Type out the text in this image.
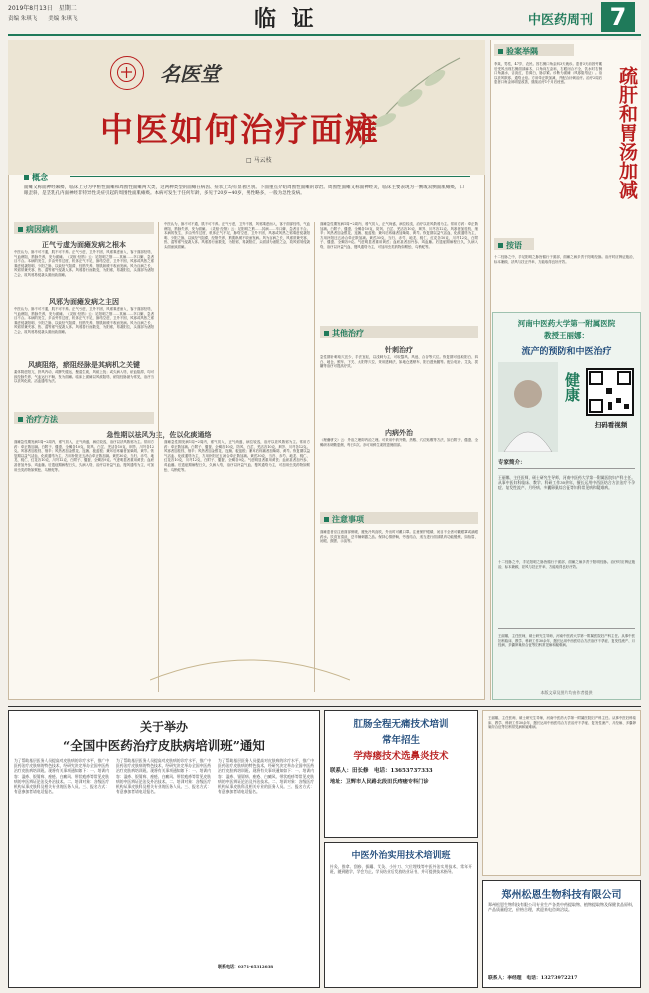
2019年8月13日　星期二
责编 朱琪飞　　美编 朱琪飞	临 证	中医药周刊 7
名医堂
中医如何治疗面瘫
□ 马云枝
概念
面瘫又称面神经麻痹，临床上分为中枢性面瘫和周围性面瘫两大类，这两种类型的面瘫在病因、症状上均有显著区别。下面重点介绍周围性面瘫的诊治。周围性面瘫又称面神经炎，临床主要表现为一侧或双侧面肌瘫痪，口眼歪斜，是茎乳孔内面神经非特异性炎症引起的周围性面肌瘫痪。本病可发生于任何年龄，多见于20岁~40岁，男性略多，一般为急性发病。
病因病机
正气亏虚为面瘫发病之根本
中医认为，脉不可不通，肌不可不养。正气亏虚，卫外不固，风邪乘虚而入，客于面部经络，气血痹阻，筋脉失养，发为面瘫。《灵枢·经筋》云：足阳明之筋……其病……卒口僻，急者目不合。本病的发生，多由劳作过度，机体正气不足，脉络空虚，卫外不固，风寒或风热之邪乘虚侵袭阳明、少阳之脉，以致经气阻滞，经筋失养，筋肌纵缓不收而发病。风为百病之长，风邪常兼夹寒、热、湿等邪气侵袭人体。风邪善行而数变，为阳邪，易袭阳位，头面部为诸阳之会，故风邪易侵袭头面而致面瘫。
风邪为面瘫发病之主因
中医认为，脉不可不通，肌不可不养。正气亏虚，卫外不固，风邪乘虚而入，客于面部经络，气血痹阻，筋脉失养，发为面瘫。《灵枢·经筋》云：足阳明之筋……其病……卒口僻，急者目不合。本病的发生，多由劳作过度，机体正气不足，脉络空虚，卫外不固，风寒或风热之邪乘虚侵袭阳明、少阳之脉，以致经气阻滞，经筋失养，筋肌纵缓不收而发病。风为百病之长，风邪常兼夹寒、热、湿等邪气侵袭人体。风邪善行而数变，为阳邪，易袭阳位，头面部为诸阳之会，故风邪易侵袭头面而致面瘫。
风痰阻络，瘀阻经脉是其病机之关键
素体阴虚阳亢，肝风内动，或脾失健运，聚湿生痰，风痰上扰；或久病入络，瘀血阻滞，均可致经脉失养，气血运行不畅，发为面瘫。临床上面瘫以风痰阻络、瘀阻经脉最为常见，治疗当以祛风化痰、活血通络为法。
治疗方法
急性期以祛风为主，佐以化痰通络
面瘫急性期发病1周~2周内，邪气初入，正气尚盛，病位较浅，治疗以祛风散邪为主。常用方药：牵正散加减。白附子、僵蚕、全蝎各10克，防风、白芷、羌活各10克，荆芥、川芎各12克。风寒者加桂枝、细辛；风热者加金银花、连翘、板蓝根；兼耳后疼痛者加柴胡、黄芩。恢复期以益气活血、化痰通络为主，方用补阳还五汤合牵正散加减。黄芪30克，当归、赤芍、地龙、桃仁、红花各10克，川芎12克，白附子、僵蚕、全蝎各9克。气虚明显者重用黄芪；血瘀甚者加丹参、鸡血藤。后遗症期病程日久，久病入络，治疗以补益气血、搜风通络为主，可加用虫类药物如蜈蚣、乌梢蛇等。
中医认为，脉不可不通，肌不可不养。正气亏虚，卫外不固，风邪乘虚而入，客于面部经络，气血痹阻，筋脉失养，发为面瘫。《灵枢·经筋》云：足阳明之筋……其病……卒口僻，急者目不合。本病的发生，多由劳作过度，机体正气不足，脉络空虚，卫外不固，风寒或风热之邪乘虚侵袭阳明、少阳之脉，以致经气阻滞，经筋失养，筋肌纵缓不收而发病。风为百病之长，风邪常兼夹寒、热、湿等邪气侵袭人体。风邪善行而数变，为阳邪，易袭阳位，头面部为诸阳之会，故风邪易侵袭头面而致面瘫。
面瘫急性期发病1周~2周内，邪气初入，正气尚盛，病位较浅，治疗以祛风散邪为主。常用方药：牵正散加减。白附子、僵蚕、全蝎各10克，防风、白芷、羌活各10克，荆芥、川芎各12克。风寒者加桂枝、细辛；风热者加金银花、连翘、板蓝根；兼耳后疼痛者加柴胡、黄芩。恢复期以益气活血、化痰通络为主，方用补阳还五汤合牵正散加减。黄芪30克，当归、赤芍、地龙、桃仁、红花各10克，川芎12克，白附子、僵蚕、全蝎各9克。气虚明显者重用黄芪；血瘀甚者加丹参、鸡血藤。后遗症期病程日久，久病入络，治疗以补益气血、搜风通络为主，可加用虫类药物如蜈蚣、乌梢蛇等。
面瘫急性期发病1周~2周内，邪气初入，正气尚盛，病位较浅，治疗以祛风散邪为主。常用方药：牵正散加减。白附子、僵蚕、全蝎各10克，防风、白芷、羌活各10克，荆芥、川芎各12克。风寒者加桂枝、细辛；风热者加金银花、连翘、板蓝根；兼耳后疼痛者加柴胡、黄芩。恢复期以益气活血、化痰通络为主，方用补阳还五汤合牵正散加减。黄芪30克，当归、赤芍、地龙、桃仁、红花各10克，川芎12克，白附子、僵蚕、全蝎各9克。气虚明显者重用黄芪；血瘀甚者加丹参、鸡血藤。后遗症期病程日久，久病入络，治疗以补益气血、搜风通络为主，可加用虫类药物如蜈蚣、乌梢蛇等。
其他治疗
针刺治疗
急性期针刺取穴宜少，手法宜轻，以浅刺为主，可取翳风、风池、合谷等穴位。恢复期可选取阳白、四白、地仓、颊车、下关、太阳等穴位，采用透刺法，如地仓透颊车、阳白透鱼腰等。配合电针、艾灸、拔罐等治疗可提高疗效。
内病外治
《理瀹骈文》云：外治之理即内治之理。可采用中药外敷、热敷、穴位贴敷等方法，如白附子、僵蚕、全蝎研末调敷患侧，每日1次。亦可用鲜生姜擦患侧面部。
注意事项
面瘫患者应注意面部保暖，避免冷风直吹，外出时可戴口罩。注意保护眼睛，闭目不全者可戴眼罩或滴眼药水。饮食宜清淡，忌辛辣刺激之品。保持心情舒畅，劳逸结合，适当进行面部肌肉功能锻炼，如抬眉、闭眼、鼓腮、示齿等。
验案举隅
李某，男性，47岁，农民。因右侧口角歪斜3天就诊。患者3天前因劳累后受风出现右侧面部麻木，口角向左歪斜，右眼闭合不全，饮水时右侧口角漏水，舌淡红，苔薄白，脉浮紧。诊断为面瘫（风寒阻络证）。治以祛风散寒、通络止痉。方用牵正散加减，并配合针刺治疗。治疗2周后患者口角歪斜明显改善，继续治疗1个月后痊愈。	疏肝和胃汤加减
按语
十二经脉之中，手足阳明之脉皆循行于面部，面瘫之病多责于阳明经脉。治疗时应辨证施治，标本兼顾，祛风与扶正并举，方能取得良好疗效。
河南中医药大学第一附属医院
教授王丽娜：
流产的预防和中医治疗
健康
扫码看视频
专家简介：
王丽娜，主任医师，硕士研究生导师，河南中医药大学第一附属医院妇产科主任。从事中医妇科临床、教学、科研工作30余年，擅长运用中西医结合方法治疗不孕症、复发性流产、月经病、多囊卵巢综合征等妇科常见病和疑难病。
十二经脉之中，手足阳明之脉皆循行于面部，面瘫之病多责于阳明经脉。治疗时应辨证施治，标本兼顾，祛风与扶正并举，方能取得良好疗效。
王丽娜，主任医师，硕士研究生导师，河南中医药大学第一附属医院妇产科主任。从事中医妇科临床、教学、科研工作30余年，擅长运用中西医结合方法治疗不孕症、复发性流产、月经病、多囊卵巢综合征等妇科常见病和疑难病。
本版文章及图片均由作者提供
关于举办
“全国中医药治疗皮肤病培训班”通知
为了帮助基层医务人员提高对皮肤病的诊疗水平，推广中医药治疗皮肤病的特色技术，经研究决定举办全国中医药治疗皮肤病培训班。现将有关事项通知如下：一、培训内容：湿疹、银屑病、痤疮、白癜风、带状疱疹等常见皮肤病的中医辨证论治及外治技术。二、培训对象：各级医疗机构从事皮肤科及相关专业的医务人员。三、报名方式：有意参加者请电话报名。
为了帮助基层医务人员提高对皮肤病的诊疗水平，推广中医药治疗皮肤病的特色技术，经研究决定举办全国中医药治疗皮肤病培训班。现将有关事项通知如下：一、培训内容：湿疹、银屑病、痤疮、白癜风、带状疱疹等常见皮肤病的中医辨证论治及外治技术。二、培训对象：各级医疗机构从事皮肤科及相关专业的医务人员。三、报名方式：有意参加者请电话报名。
为了帮助基层医务人员提高对皮肤病的诊疗水平，推广中医药治疗皮肤病的特色技术，经研究决定举办全国中医药治疗皮肤病培训班。现将有关事项通知如下：一、培训内容：湿疹、银屑病、痤疮、白癜风、带状疱疹等常见皮肤病的中医辨证论治及外治技术。二、培训对象：各级医疗机构从事皮肤科及相关专业的医务人员。三、报名方式：有意参加者请电话报名。
联系电话：0371-65312038
肛肠全程无痛技术培训
常年招生
学痔瘘技术选鼻炎技术
联系人：田长修　电话：13653737333
地址：卫辉市人民路北段田氏痔瘘专科门诊
中医外治实用技术培训班
针灸、推拿、刮痧、拔罐、艾灸、小针刀、穴位埋线等中医外治实用技术，常年开班，随到随学，学会为止。学员结业后发放结业证书，并可提供技术指导。
郑州松恩生物科技有限公司
郑州松恩生物科技有限公司专业生产各类中药提取物、植物提取物及保健食品原料，产品质量稳定，价格合理，欢迎来电咨询洽谈。
联系人：李经理　电话：13273972217
王丽娜，主任医师，硕士研究生导师，河南中医药大学第一附属医院妇产科主任。从事中医妇科临床、教学、科研工作30余年，擅长运用中西医结合方法治疗不孕症、复发性流产、月经病、多囊卵巢综合征等妇科常见病和疑难病。
